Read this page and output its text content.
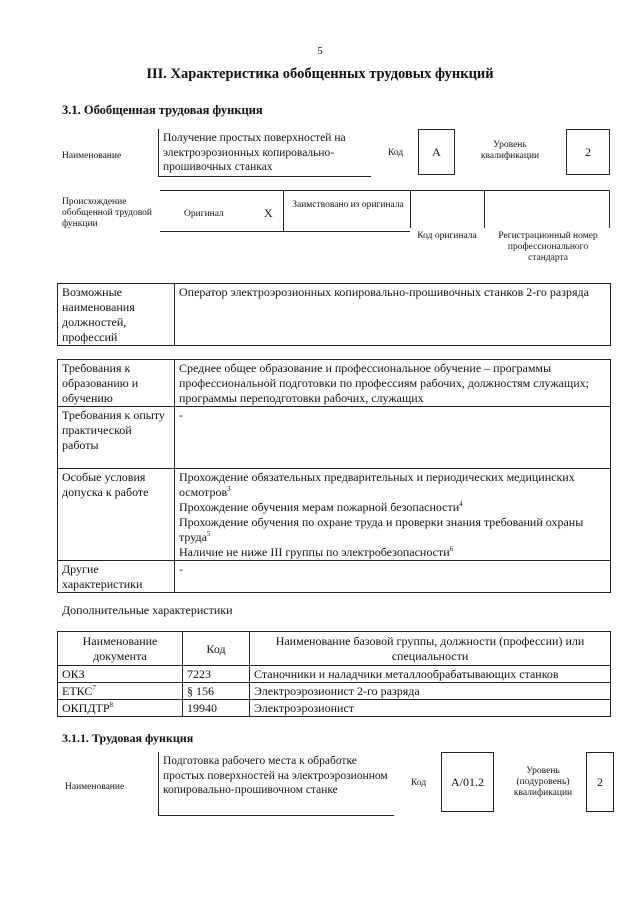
5
III. Характеристика обобщенных трудовых функций
3.1. Обобщенная трудовая функция
Наименование
Получение простых поверхностей на электроэрозионных копировально-прошивочных станках
Код	А	Уровень квалификации	2
Происхождение обобщенной трудовой функции
Оригинал	X
Заимствовано из оригинала
Код оригинала	Регистрационный номер профессионального стандарта
Возможные наименования должностей, профессий	Оператор электроэрозионных копировально-прошивочных станков 2-го разряда
Требования к образованию и обучению	Среднее общее образование и профессиональное обучение – программы профессиональной подготовки по профессиям рабочих, должностям служащих; программы переподготовки рабочих, служащих
Требования к опыту практической работы	-
Особые условия допуска к работе	Прохождение обязательных предварительных и периодических медицинских осмотров$^3$
Прохождение обучения мерам пожарной безопасности$^4$
Прохождение обучения по охране труда и проверки знания требований охраны труда$^5$
Наличие не ниже III группы по электробезопасности$^6$

Другие характеристики	-
Дополнительные характеристики
Наименование документа	Код	Наименование базовой группы, должности (профессии) или специальности
ОКЗ	7223	Станочники и наладчики металлообрабатывающих станков
ЕТКС$^7$	§ 156	Электроэрозионист 2-го разряда
ОКПДТР$^8$	19940	Электроэрозионист
3.1.1. Трудовая функция
Наименование
Подготовка рабочего места к обработке простых поверхностей на электроэрозионном копировально-прошивочном станке
Код	А/01.2
Уровень (подуровень) квалификации
2
